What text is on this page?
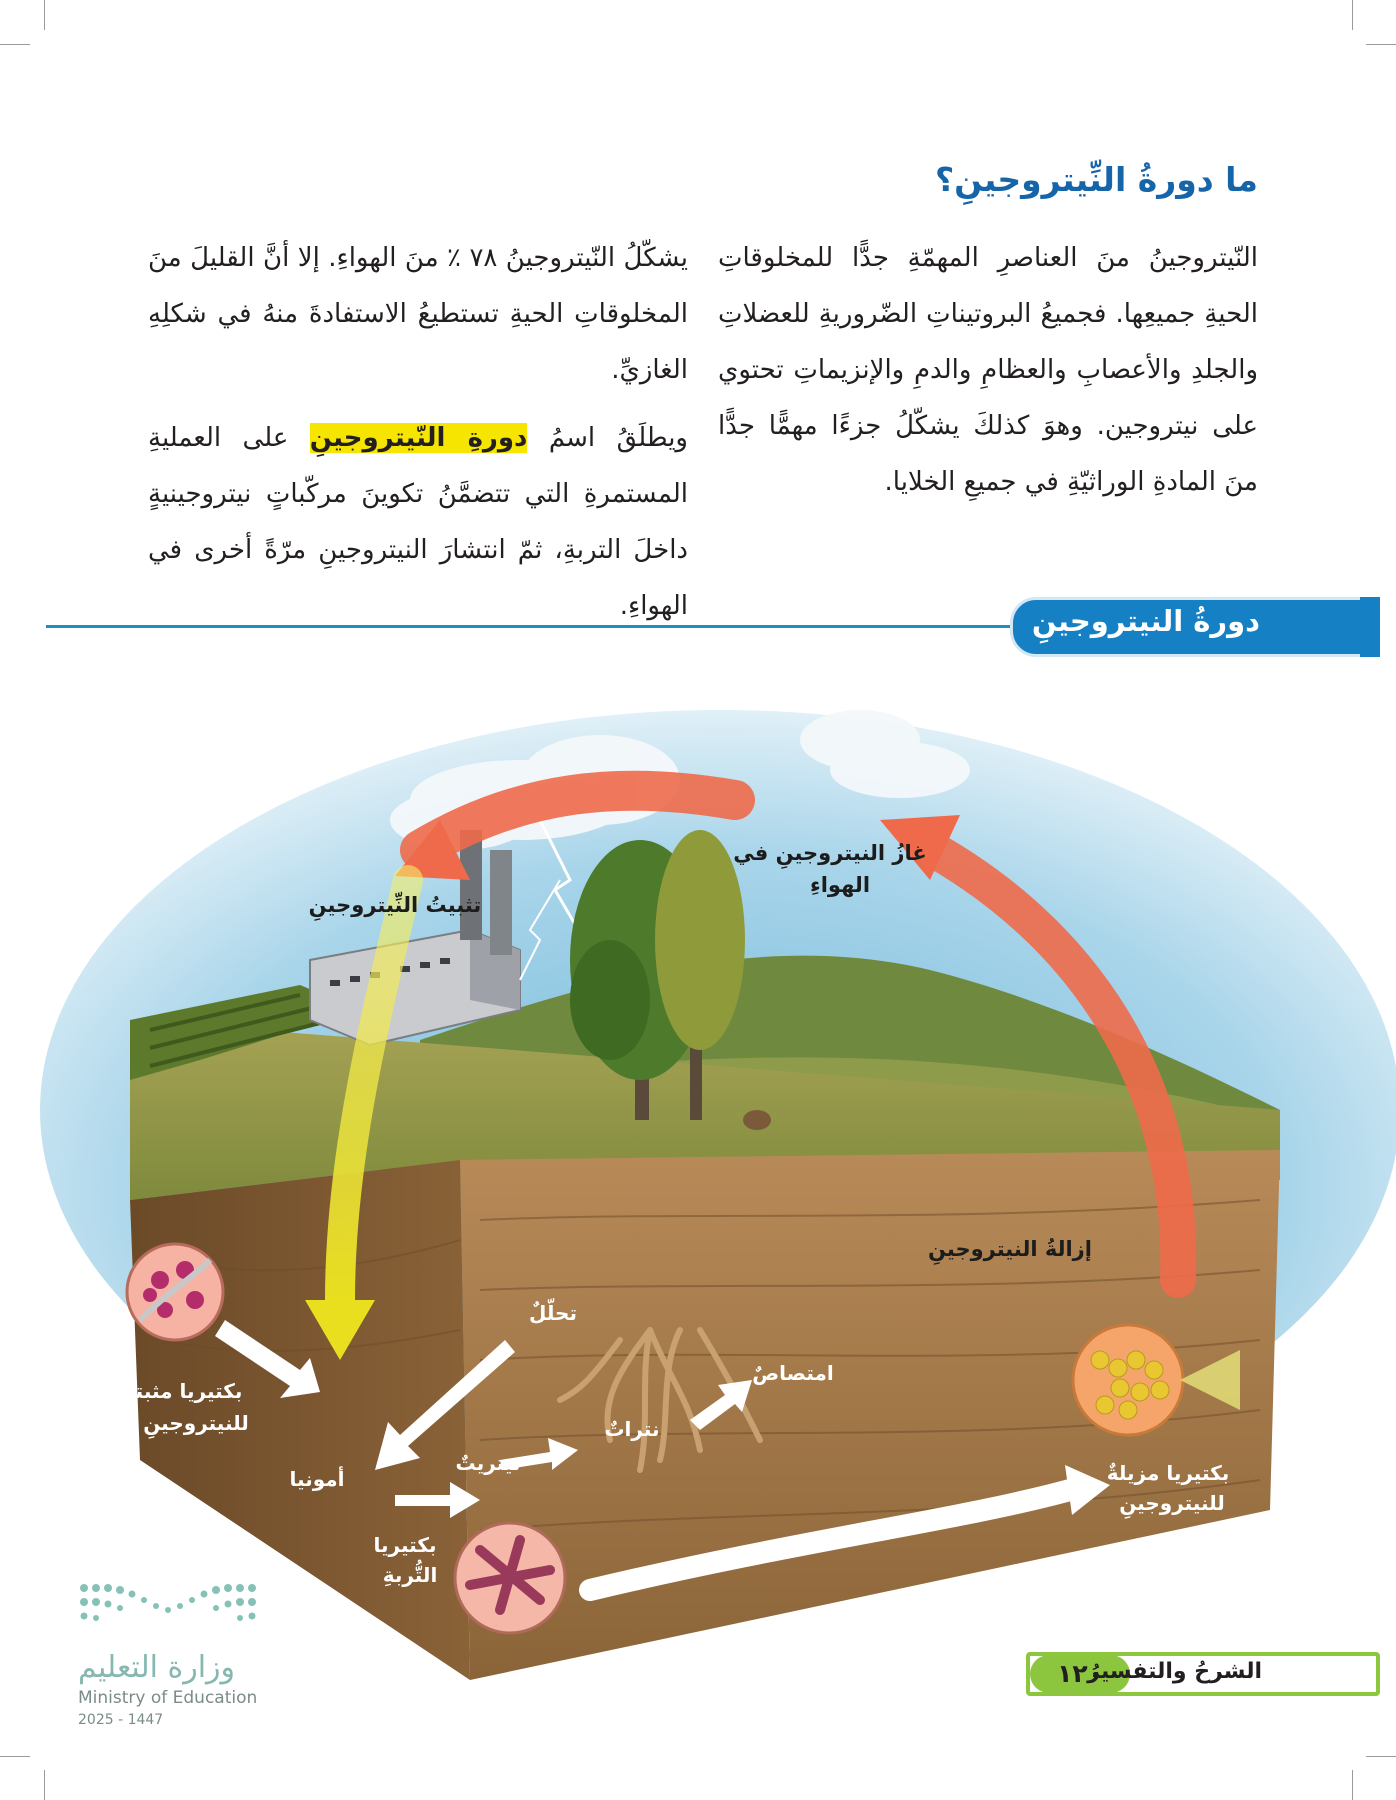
ما دورةُ النِّيتروجينِ؟

النّيتروجينُ منَ العناصرِ المهمّةِ جدًّا للمخلوقاتِ الحيةِ جميعِها. فجميعُ البروتيناتِ الضّروريةِ للعضلاتِ والجلدِ والأعصابِ والعظامِ والدمِ والإنزيماتِ تحتوي على نيتروجين. وهوَ كذلكَ يشكّلُ جزءًا مهمًّا جدًّا منَ المادةِ الوراثيّةِ في جميعِ الخلايا.

يشكّلُ النّيتروجينُ ٧٨ ٪ منَ الهواءِ. إلا أنَّ القليلَ منَ المخلوقاتِ الحيةِ تستطيعُ الاستفادةَ منهُ في شكلِهِ الغازيِّ.

ويطلَقُ اسمُ دورةِ النّيتروجينِ على العمليةِ المستمرةِ التي تتضمَّنُ تكوينَ مركّباتٍ نيتروجينيةٍ داخلَ التربةِ، ثمّ انتشارَ النيتروجينِ مرّةً أخرى في الهواءِ.	دورةُ النيتروجينِ
غازُ النيتروجينِ في
الهواءِ
تثبيتُ النِّيتروجينِ
إزالةُ النيتروجينِ
تحلّلٌ
امتصاصٌ
بكتيريا مثبتةٌ
للنيتروجينِ
أمونيا
نيتريتٌ
نتراتٌ
بكتيريا
التُّربةِ
بكتيريا مزيلةٌ
للنيتروجينِ
وزارة التعليم
Ministry of Education
2025 - 1447
١٢٠
الشرحُ والتفسيرُ
